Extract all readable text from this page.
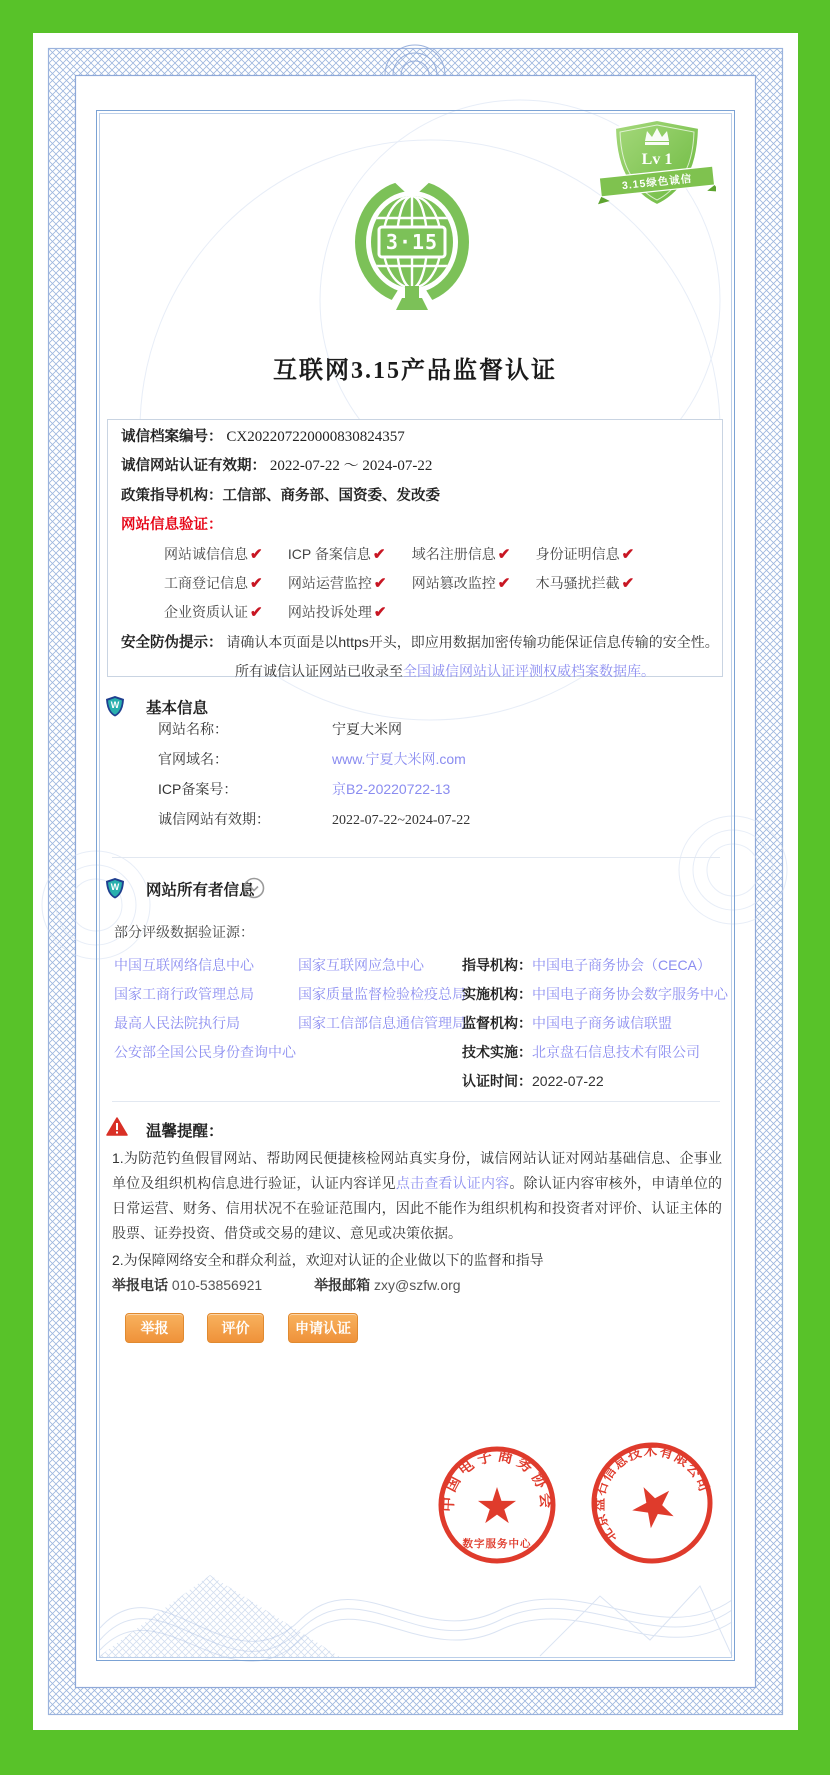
Lv 1
3.15绿色诚信
3·15
互联网3.15产品监督认证
诚信档案编号： CX202207220000830824357
诚信网站认证有效期： 2022-07-22 ～ 2024-07-22
政策指导机构：工信部、商务部、国资委、发改委
网站信息验证：
网站诚信信息 ✔ ICP 备案信息 ✔ 域名注册信息 ✔ 身份证明信息 ✔
工商登记信息 ✔ 网站运营监控 ✔ 网站篡改监控 ✔ 木马骚扰拦截 ✔
企业资质认证 ✔ 网站投诉处理 ✔
安全防伪提示： 请确认本页面是以https开头，即应用数据加密传输功能保证信息传输的安全性。
所有诚信认证网站已收录至全国诚信网站认证评测权威档案数据库。
W 基本信息
网站名称：	宁夏大米网
官网域名：	www.宁夏大米网.com
ICP备案号：	京B2-20220722-13
诚信网站有效期：	2022-07-22~2024-07-22
W 网站所有者信息
部分评级数据验证源：
中国互联网络信息中心
国家工商行政管理总局
最高人民法院执行局
公安部全国公民身份查询中心
国家互联网应急中心
国家质量监督检验检疫总局
国家工信部信息通信管理局
指导机构：中国电子商务协会（CECA）
实施机构：中国电子商务协会数字服务中心
监督机构：中国电子商务诚信联盟
技术实施：北京盘石信息技术有限公司
认证时间：2022-07-22
温馨提醒：
1.为防范钓鱼假冒网站、帮助网民便捷核检网站真实身份，诚信网站认证对网站基础信息、企事业单位及组织机构信息进行验证，认证内容详见点击查看认证内容。除认证内容审核外，申请单位的日常运营、财务、信用状况不在验证范围内，因此不能作为组织机构和投资者对评价、认证主体的股票、证券投资、借贷或交易的建议、意见或决策依据。
2.为保障网络安全和群众利益，欢迎对认证的企业做以下的监督和指导
举报电话 010-53856921	举报邮箱 zxy@szfw.org
举报	评价	申请认证
中国电子商务协会
数字服务中心	北京盘石信息技术有限公司
